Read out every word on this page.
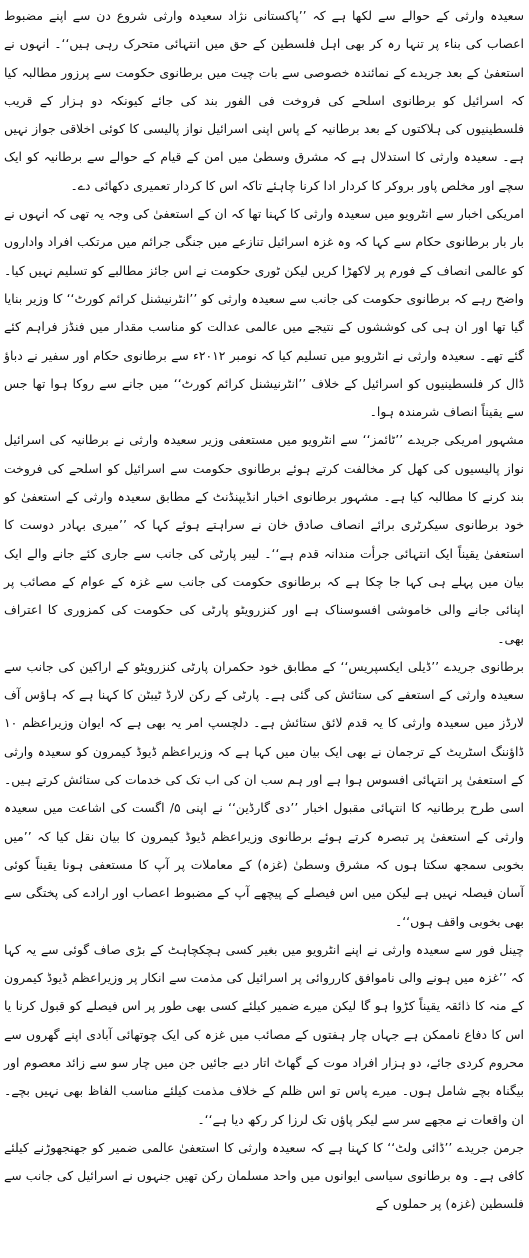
سعیدہ وارثی کے حوالے سے لکھا ہے کہ ’’پاکستانی نژاد سعیدہ وارثی شروع دن سے اپنے مضبوط اعصاب کی بناء پر تنہا رہ کر بھی اہل فلسطین کے حق میں انتہائی متحرک رہی ہیں‘‘۔ انہوں نے استعفیٰ کے بعد جریدے کے نمائندہ خصوصی سے بات چیت میں برطانوی حکومت سے پرزور مطالبہ کیا کہ اسرائیل کو برطانوی اسلحے کی فروخت فی الفور بند کی جائے کیونکہ دو ہزار کے قریب فلسطینیوں کی ہلاکتوں کے بعد برطانیہ کے پاس اپنی اسرائیل نواز پالیسی کا کوئی اخلاقی جواز نہیں ہے۔ سعیدہ وارثی کا استدلال ہے کہ مشرق وسطیٰ میں امن کے قیام کے حوالے سے برطانیہ کو ایک سچے اور مخلص پاور بروکر کا کردار ادا کرنا چاہئے تاکہ اس کا کردار تعمیری دکھائی دے۔

امریکی اخبار سے انٹرویو میں سعیدہ وارثی کا کہنا تھا کہ ان کے استعفیٰ کی وجہ یہ تھی کہ انہوں نے بار بار برطانوی حکام سے کہا کہ وہ غزہ اسرائیل تنازعے میں جنگی جرائم میں مرتکب افراد واداروں کو عالمی انصاف کے فورم پر لاکھڑا کریں لیکن ٹوری حکومت نے اس جائز مطالبے کو تسلیم نہیں کیا۔ واضح رہے کہ برطانوی حکومت کی جانب سے سعیدہ وارثی کو ’’انٹرنیشنل کرائم کورٹ‘‘ کا وزیر بنایا گیا تھا اور ان ہی کی کوششوں کے نتیجے میں عالمی عدالت کو مناسب مقدار میں فنڈز فراہم کئے گئے تھے۔ سعیدہ وارثی نے انٹرویو میں تسلیم کیا کہ نومبر ۲۰۱۲ء سے برطانوی حکام اور سفیر نے دباؤ ڈال کر فلسطینیوں کو اسرائیل کے خلاف ’’انٹرنیشنل کرائم کورٹ‘‘ میں جانے سے روکا ہوا تھا جس سے یقیناً انصاف شرمندہ ہوا۔

مشہور امریکی جریدے ’’ٹائمز‘‘ سے انٹرویو میں مستعفی وزیر سعیدہ وارثی نے برطانیہ کی اسرائیل نواز پالیسیوں کی کھل کر مخالفت کرتے ہوئے برطانوی حکومت سے اسرائیل کو اسلحے کی فروخت بند کرنے کا مطالبہ کیا ہے۔ مشہور برطانوی اخبار انڈیپنڈنٹ کے مطابق سعیدہ وارثی کے استعفیٰ کو خود برطانوی سیکرٹری برائے انصاف صادق خان نے سراہتے ہوئے کہا کہ ’’میری بہادر دوست کا استعفیٰ یقیناً ایک انتہائی جرأت مندانہ قدم ہے‘‘۔ لیبر پارٹی کی جانب سے جاری کئے جانے والے ایک بیان میں پہلے ہی کہا جا چکا ہے کہ برطانوی حکومت کی جانب سے غزہ کے عوام کے مصائب پر اپنائی جانے والی خاموشی افسوسناک ہے اور کنزرویٹو پارٹی کی حکومت کی کمزوری کا اعتراف بھی۔

برطانوی جریدے ’’ڈیلی ایکسپریس‘‘ کے مطابق خود حکمران پارٹی کنزرویٹو کے اراکین کی جانب سے سعیدہ وارثی کے استعفے کی ستائش کی گئی ہے۔ پارٹی کے رکن لارڈ ٹیبٹن کا کہنا ہے کہ ہاؤس آف لارڈز میں سعیدہ وارثی کا یہ قدم لائق ستائش ہے۔ دلچسپ امر یہ بھی ہے کہ ایوان وزیراعظم ۱۰ ڈاؤننگ اسٹریٹ کے ترجمان نے بھی ایک بیان میں کہا ہے کہ وزیراعظم ڈیوڈ کیمرون کو سعیدہ وارثی کے استعفیٰ پر انتہائی افسوس ہوا ہے اور ہم سب ان کی اب تک کی خدمات کی ستائش کرتے ہیں۔ اسی طرح برطانیہ کا انتہائی مقبول اخبار ’’دی گارڈین‘‘ نے اپنی ۵/ اگست کی اشاعت میں سعیدہ وارثی کے استعفیٰ پر تبصرہ کرتے ہوئے برطانوی وزیراعظم ڈیوڈ کیمرون کا بیان نقل کیا کہ ’’میں بخوبی سمجھ سکتا ہوں کہ مشرق وسطیٰ (غزہ) کے معاملات پر آپ کا مستعفی ہونا یقیناً کوئی آسان فیصلہ نہیں ہے لیکن میں اس فیصلے کے پیچھے آپ کے مضبوط اعصاب اور ارادے کی پختگی سے بھی بخوبی واقف ہوں‘‘۔

چینل فور سے سعیدہ وارثی نے اپنے انٹرویو میں بغیر کسی ہچکچاہٹ کے بڑی صاف گوئی سے یہ کہا کہ ’’غزہ میں ہونے والی ناموافق کارروائی پر اسرائیل کی مذمت سے انکار پر وزیراعظم ڈیوڈ کیمرون کے منہ کا ذائقہ یقیناً کڑوا ہو گا لیکن میرے ضمیر کیلئے کسی بھی طور پر اس فیصلے کو قبول کرنا یا اس کا دفاع ناممکن ہے جہاں چار ہفتوں کے مصائب میں غزہ کی ایک چوتھائی آبادی اپنے گھروں سے محروم کردی جائے، دو ہزار افراد موت کے گھاٹ اتار دیے جائیں جن میں چار سو سے زائد معصوم اور بیگناہ بچے شامل ہوں۔ میرے پاس تو اس ظلم کے خلاف مذمت کیلئے مناسب الفاظ بھی نہیں بچے۔ ان واقعات نے مجھے سر سے لیکر پاؤں تک لرزا کر رکھ دیا ہے‘‘۔

جرمن جریدے ’’ڈائی ولٹ‘‘ کا کہنا ہے کہ سعیدہ وارثی کا استعفیٰ عالمی ضمیر کو جھنجھوڑنے کیلئے کافی ہے۔ وہ برطانوی سیاسی ایوانوں میں واحد مسلمان رکن تھیں جنہوں نے اسرائیل کی جانب سے فلسطین (غزہ) پر حملوں کے
